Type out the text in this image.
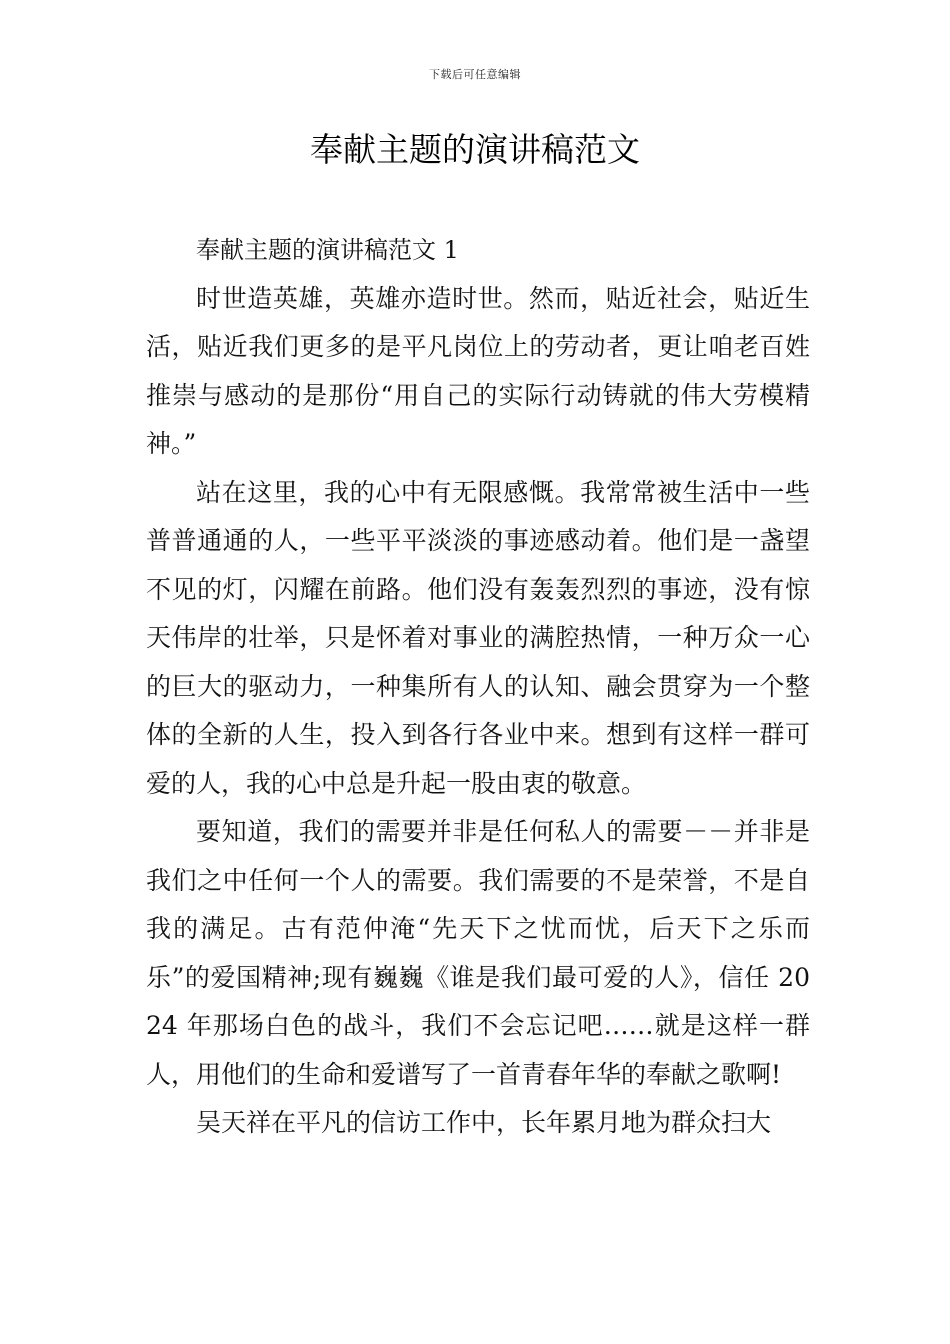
下载后可任意编辑
奉献主题的演讲稿范文

奉献主题的演讲稿范文 1

时世造英雄，英雄亦造时世。然而，贴近社会，贴近生活，贴近我们更多的是平凡岗位上的劳动者，更让咱老百姓推崇与感动的是那份“用自己的实际行动铸就的伟大劳模精神。”

站在这里，我的心中有无限感慨。我常常被生活中一些普普通通的人，一些平平淡淡的事迹感动着。他们是一盏望不见的灯，闪耀在前路。他们没有轰轰烈烈的事迹，没有惊天伟岸的壮举，只是怀着对事业的满腔热情，一种万众一心的巨大的驱动力，一种集所有人的认知、融会贯穿为一个整体的全新的人生，投入到各行各业中来。想到有这样一群可爱的人，我的心中总是升起一股由衷的敬意。

要知道，我们的需要并非是任何私人的需要－－并非是我们之中任何一个人的需要。我们需要的不是荣誉，不是自我的满足。古有范仲淹“先天下之忧而忧，后天下之乐而乐”的爱国精神;现有巍巍《谁是我们最可爱的人》，信任 2024 年那场白色的战斗，我们不会忘记吧……就是这样一群人，用他们的生命和爱谱写了一首青春年华的奉献之歌啊!

吴天祥在平凡的信访工作中，长年累月地为群众扫大
